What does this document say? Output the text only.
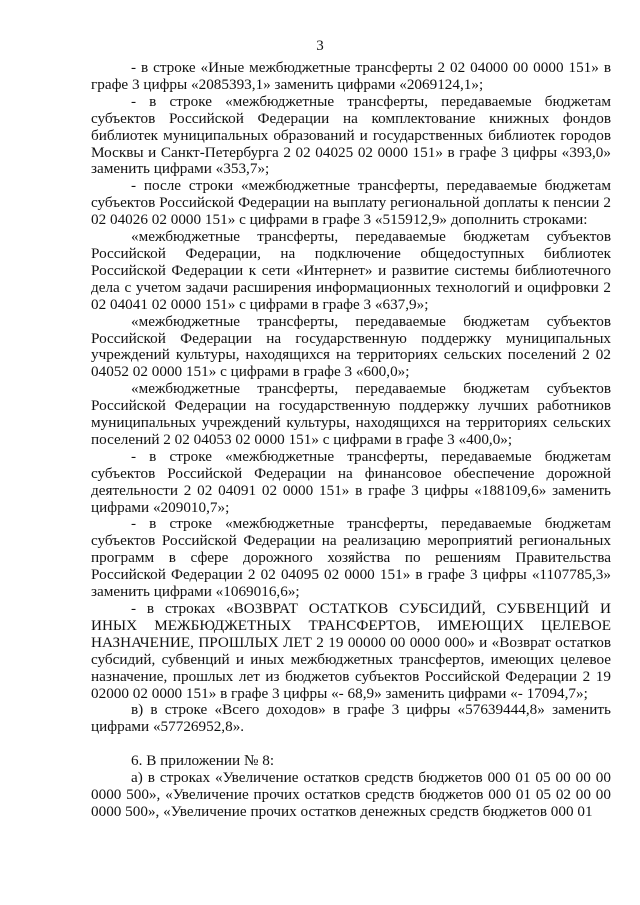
3

- в строке «Иные межбюджетные трансферты 2 02 04000 00 0000 151» в графе 3 цифры «2085393,1» заменить цифрами «2069124,1»;

- в строке «межбюджетные трансферты, передаваемые бюджетам субъектов Российской Федерации на комплектование книжных фондов библиотек муниципальных образований и государственных библиотек городов Москвы и Санкт-Петербурга 2 02 04025 02 0000 151» в графе 3 цифры «393,0» заменить цифрами «353,7»;

- после строки «межбюджетные трансферты, передаваемые бюджетам субъектов Российской Федерации на выплату региональной доплаты к пенсии 2 02 04026 02 0000 151» с цифрами в графе 3 «515912,9» дополнить строками:

«межбюджетные трансферты, передаваемые бюджетам субъектов Российской Федерации, на подключение общедоступных библиотек Российской Федерации к сети «Интернет» и развитие системы библиотечного дела с учетом задачи расширения информационных технологий и оцифровки 2 02 04041 02 0000 151» с цифрами в графе 3 «637,9»;

«межбюджетные трансферты, передаваемые бюджетам субъектов Российской Федерации на государственную поддержку муниципальных учреждений культуры, находящихся на территориях сельских поселений 2 02 04052 02 0000 151» с цифрами в графе 3 «600,0»;

«межбюджетные трансферты, передаваемые бюджетам субъектов Российской Федерации на государственную поддержку лучших работников муниципальных учреждений культуры, находящихся на территориях сельских поселений 2 02 04053 02 0000 151» с цифрами в графе 3 «400,0»;

- в строке «межбюджетные трансферты, передаваемые бюджетам субъектов Российской Федерации на финансовое обеспечение дорожной деятельности 2 02 04091 02 0000 151» в графе 3 цифры «188109,6» заменить цифрами «209010,7»;

- в строке «межбюджетные трансферты, передаваемые бюджетам субъектов Российской Федерации на реализацию мероприятий региональных программ в сфере дорожного хозяйства по решениям Правительства Российской Федерации 2 02 04095 02 0000 151» в графе 3 цифры «1107785,3» заменить цифрами «1069016,6»;

- в строках «ВОЗВРАТ ОСТАТКОВ СУБСИДИЙ, СУБВЕНЦИЙ И ИНЫХ МЕЖБЮДЖЕТНЫХ ТРАНСФЕРТОВ, ИМЕЮЩИХ ЦЕЛЕВОЕ НАЗНАЧЕНИЕ, ПРОШЛЫХ ЛЕТ 2 19 00000 00 0000 000» и «Возврат остатков субсидий, субвенций и иных межбюджетных трансфертов, имеющих целевое назначение, прошлых лет из бюджетов субъектов Российской Федерации 2 19 02000 02 0000 151» в графе 3 цифры «- 68,9» заменить цифрами «- 17094,7»;

в) в строке «Всего доходов» в графе 3 цифры «57639444,8» заменить цифрами «57726952,8».

6. В приложении № 8:

а) в строках «Увеличение остатков средств бюджетов 000 01 05 00 00 00 0000 500», «Увеличение прочих остатков средств бюджетов 000 01 05 02 00 00 0000 500», «Увеличение прочих остатков денежных средств бюджетов 000 01
